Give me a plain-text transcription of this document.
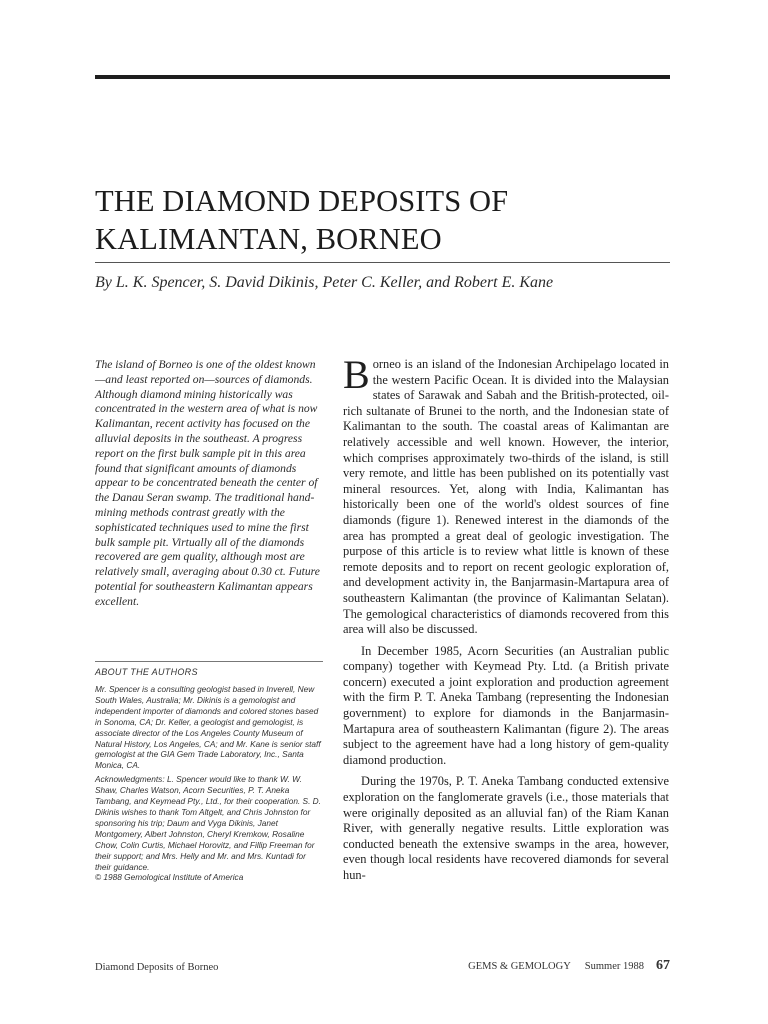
THE DIAMOND DEPOSITS OF KALIMANTAN, BORNEO
By L. K. Spencer, S. David Dikinis, Peter C. Keller, and Robert E. Kane
The island of Borneo is one of the oldest known—and least reported on—sources of diamonds. Although diamond mining historically was concentrated in the western area of what is now Kalimantan, recent activity has focused on the alluvial deposits in the southeast. A progress report on the first bulk sample pit in this area found that significant amounts of diamonds appear to be concentrated beneath the center of the Danau Seran swamp. The traditional hand-mining methods contrast greatly with the sophisticated techniques used to mine the first bulk sample pit. Virtually all of the diamonds recovered are gem quality, although most are relatively small, averaging about 0.30 ct. Future potential for southeastern Kalimantan appears excellent.
ABOUT THE AUTHORS

Mr. Spencer is a consulting geologist based in Inverell, New South Wales, Australia; Mr. Dikinis is a gemologist and independent importer of diamonds and colored stones based in Sonoma, CA; Dr. Keller, a geologist and gemologist, is associate director of the Los Angeles County Museum of Natural History, Los Angeles, CA; and Mr. Kane is senior staff gemologist at the GIA Gem Trade Laboratory, Inc., Santa Monica, CA.

Acknowledgments: L. Spencer would like to thank W. W. Shaw, Charles Watson, Acorn Securities, P. T. Aneka Tambang, and Keymead Pty., Ltd., for their cooperation. S. D. Dikinis wishes to thank Tom Altgelt, and Chris Johnston for sponsoring his trip; Daum and Vyga Dikinis, Janet Montgomery, Albert Johnston, Cheryl Kremkow, Rosaline Chow, Colin Curtis, Michael Horovitz, and Fillip Freeman for their support; and Mrs. Helly and Mr. and Mrs. Kuntadi for their guidance.

© 1988 Gemological Institute of America

Borneo is an island of the Indonesian Archipelago located in the western Pacific Ocean. It is divided into the Malaysian states of Sarawak and Sabah and the British-protected, oil-rich sultanate of Brunei to the north, and the Indonesian state of Kalimantan to the south. The coastal areas of Kalimantan are relatively accessible and well known. However, the interior, which comprises approximately two-thirds of the island, is still very remote, and little has been published on its potentially vast mineral resources. Yet, along with India, Kalimantan has historically been one of the world's oldest sources of fine diamonds (figure 1). Renewed interest in the diamonds of the area has prompted a great deal of geologic investigation. The purpose of this article is to review what little is known of these remote deposits and to report on recent geologic exploration of, and development activity in, the Banjarmasin-Martapura area of southeastern Kalimantan (the province of Kalimantan Selatan). The gemological characteristics of diamonds recovered from this area will also be discussed.

In December 1985, Acorn Securities (an Australian public company) together with Keymead Pty. Ltd. (a British private concern) executed a joint exploration and production agreement with the firm P. T. Aneka Tambang (representing the Indonesian government) to explore for diamonds in the Banjarmasin-Martapura area of southeastern Kalimantan (figure 2). The areas subject to the agreement have had a long history of gem-quality diamond production.

During the 1970s, P. T. Aneka Tambang conducted extensive exploration on the fanglomerate gravels (i.e., those materials that were originally deposited as an alluvial fan) of the Riam Kanan River, with generally negative results. Little exploration was conducted beneath the extensive swamps in the area, however, even though local residents have recovered diamonds for several hun-

Diamond Deposits of Borneo	GEMS & GEMOLOGY Summer 1988 67
